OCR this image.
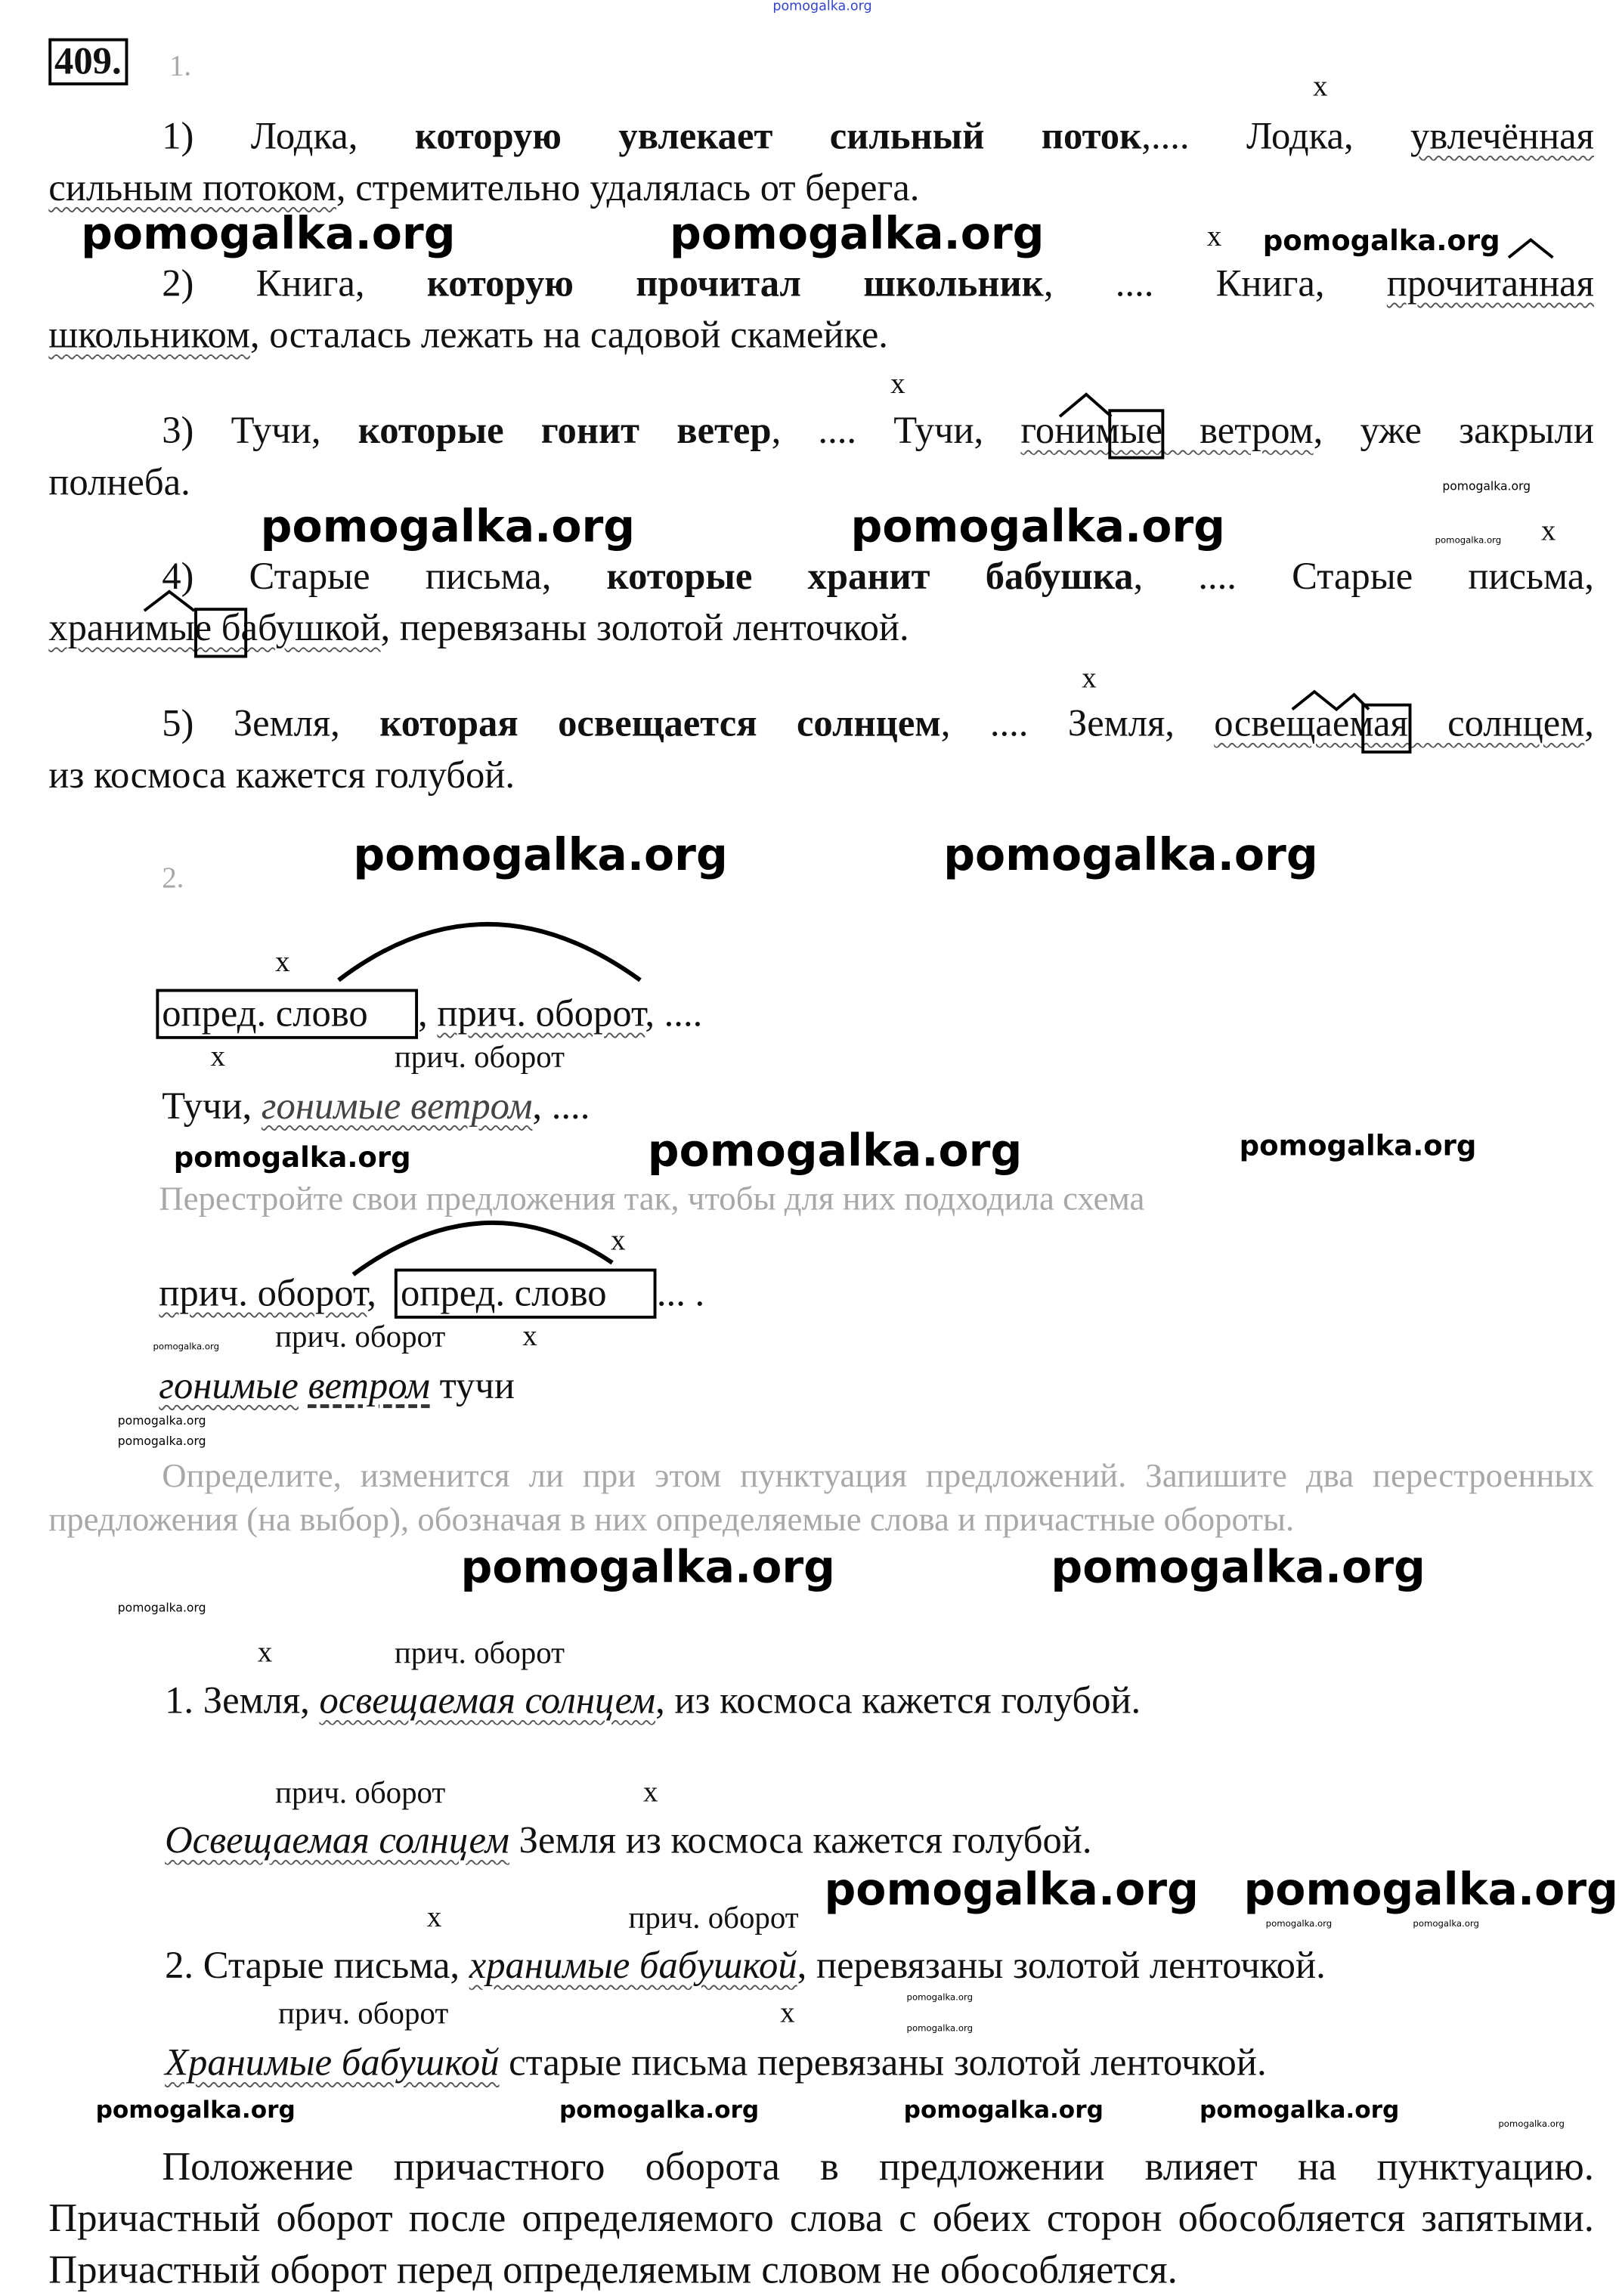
pomogalka.org
409.	1.
x
1) Лодка,	которую увлекает сильный поток,.... Лодка,	увлечённая
сильным потоком, стремительно удалялась от берега.
pomogalka.org	pomogalka.org	x	pomogalka.org
2) Книга,	которую прочитал школьник, .... Книга,	прочитанная
школьником, осталась лежать на садовой скамейке.
x
3) Тучи, которые гонит ветер, .... Тучи, гонимые ветром, уже закрыли
полнеба.	pomogalka.org
pomogalka.org	pomogalka.org	x
pomogalka.org
4) Старые письма,	которые хранит бабушка, .... Старые письма,
хранимые бабушкой, перевязаны золотой ленточкой.
x
5) Земля, которая освещается солнцем, .... Земля, освещаемая солнцем,
из космоса кажется голубой.
2.	pomogalka.org	pomogalka.org
x
опред. слово	, прич. оборот, ....
x	прич. оборот
Тучи, гонимые ветром, ....
pomogalka.org	pomogalka.org	pomogalka.org
Перестройте свои предложения так, чтобы для них подходила схема
x
прич. оборот, опред. слово	... .
pomogalka.org	прич. оборот	x
гонимые ветром тучи
pomogalka.org
Определите, изменится ли при этом пунктуация предложений. Запишите два перестроенных предложения (на выбор), обозначая в них определяемые слова и причастные обороты.
pomogalka.org
pomogalka.org	pomogalka.org
pomogalka.org
x	прич. оборот
1. Земля, освещаемая солнцем, из космоса кажется голубой.
прич. оборот	x
Освещаемая солнцем Земля из космоса кажется голубой.
pomogalka.org pomogalka.org
pomogalka.org	pomogalka.org
pomogalka.org
pomogalka.org
x	прич. оборот
2. Старые письма, хранимые бабушкой, перевязаны золотой ленточкой.
прич. оборот	x
Хранимые бабушкой старые письма перевязаны золотой ленточкой.
pomogalka.org	pomogalka.org	pomogalka.org	pomogalka.org
pomogalka.org
Положение причастного оборота в предложении влияет на пунктуацию. Причастный оборот после определяемого слова с обеих сторон обособляется запятыми. Причастный оборот перед определяемым словом не обособляется.
